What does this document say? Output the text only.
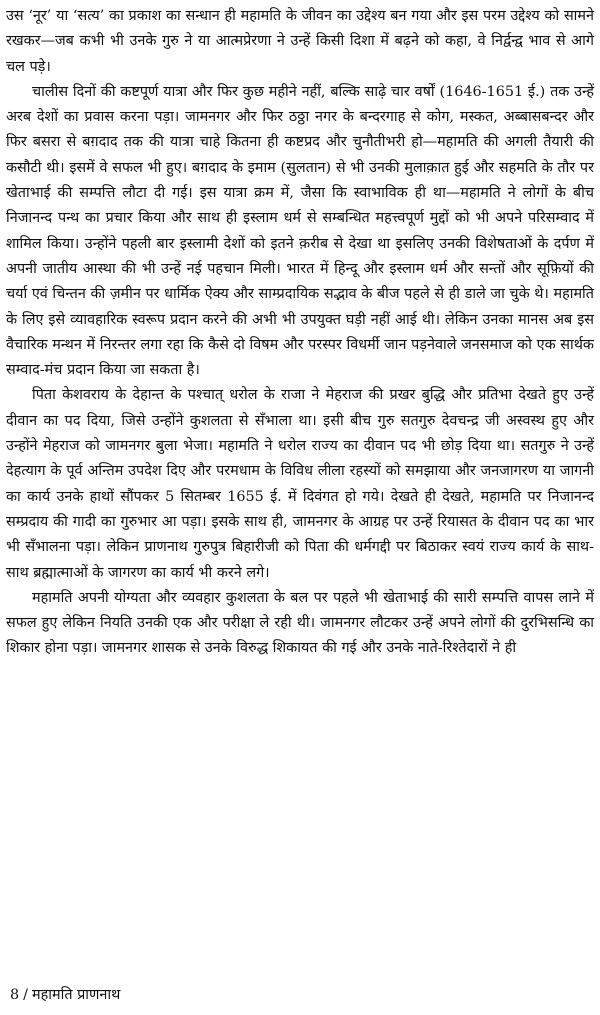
उस ‘नूर’ या ‘सत्य’ का प्रकाश का सन्धान ही महामति के जीवन का उद्देश्य बन गया और इस परम उद्देश्य को सामने रखकर—जब कभी भी उनके गुरु ने या आत्मप्रेरणा ने उन्हें किसी दिशा में बढ़ने को कहा, वे निर्द्वन्द्व भाव से आगे चल पड़े।

चालीस दिनों की कष्टपूर्ण यात्रा और फिर कुछ महीने नहीं, बल्कि साढ़े चार वर्षों (1646-1651 ई.) तक उन्हें अरब देशों का प्रवास करना पड़ा। जामनगर और फिर ठठ्ठा नगर के बन्दरगाह से कोग, मस्कत, अब्बासबन्दर और फिर बसरा से बग़दाद तक की यात्रा चाहे कितना ही कष्टप्रद और चुनौतीभरी हो—महामति की अगली तैयारी की कसौटी थी। इसमें वे सफल भी हुए। बग़दाद के इमाम (सुलतान) से भी उनकी मुलाक़ात हुई और सहमति के तौर पर खेताभाई की सम्पत्ति लौटा दी गई। इस यात्रा क्रम में, जैसा कि स्वाभाविक ही था—महामति ने लोगों के बीच निजानन्द पन्थ का प्रचार किया और साथ ही इस्लाम धर्म से सम्बन्धित महत्त्वपूर्ण मुद्दों को भी अपने परिसम्वाद में शामिल किया। उन्होंने पहली बार इस्लामी देशों को इतने क़रीब से देखा था इसलिए उनकी विशेषताओं के दर्पण में अपनी जातीय आस्था की भी उन्हें नई पहचान मिली। भारत में हिन्दू और इस्लाम धर्म और सन्तों और सूफ़ियों की चर्या एवं चिन्तन की ज़मीन पर धार्मिक ऐक्य और साम्प्रदायिक सद्भाव के बीज पहले से ही डाले जा चुके थे। महामति के लिए इसे व्यावहारिक स्वरूप प्रदान करने की अभी भी उपयुक्त घड़ी नहीं आई थी। लेकिन उनका मानस अब इस वैचारिक मन्थन में निरन्तर लगा रहा कि कैसे दो विषम और परस्पर विधर्मी जान पड़नेवाले जनसमाज को एक सार्थक सम्वाद-मंच प्रदान किया जा सकता है।

पिता केशवराय के देहान्त के पश्चात् धरोल के राजा ने मेहराज की प्रखर बुद्धि और प्रतिभा देखते हुए उन्हें दीवान का पद दिया, जिसे उन्होंने कुशलता से सँभाला था। इसी बीच गुरु सतगुरु देवचन्द्र जी अस्वस्थ हुए और उन्होंने मेहराज को जामनगर बुला भेजा। महामति ने धरोल राज्य का दीवान पद भी छोड़ दिया था। सतगुरु ने उन्हें देहत्याग के पूर्व अन्तिम उपदेश दिए और परमधाम के विविध लीला रहस्यों को समझाया और जनजागरण या जागनी का कार्य उनके हाथों सौंपकर 5 सितम्बर 1655 ई. में दिवंगत हो गये। देखते ही देखते, महामति पर निजानन्द सम्प्रदाय की गादी का गुरुभार आ पड़ा। इसके साथ ही, जामनगर के आग्रह पर उन्हें रियासत के दीवान पद का भार भी सँभालना पड़ा। लेकिन प्राणनाथ गुरुपुत्र बिहारीजी को पिता की धर्मगद्दी पर बिठाकर स्वयं राज्य कार्य के साथ-साथ ब्रह्मात्माओं के जागरण का कार्य भी करने लगे।

महामति अपनी योग्यता और व्यवहार कुशलता के बल पर पहले भी खेताभाई की सारी सम्पत्ति वापस लाने में सफल हुए लेकिन नियति उनकी एक और परीक्षा ले रही थी। जामनगर लौटकर उन्हें अपने लोगों की दुरभिसन्धि का शिकार होना पड़ा। जामनगर शासक से उनके विरुद्ध शिकायत की गई और उनके नाते-रिश्तेदारों ने ही

8 / महामति प्राणनाथ
